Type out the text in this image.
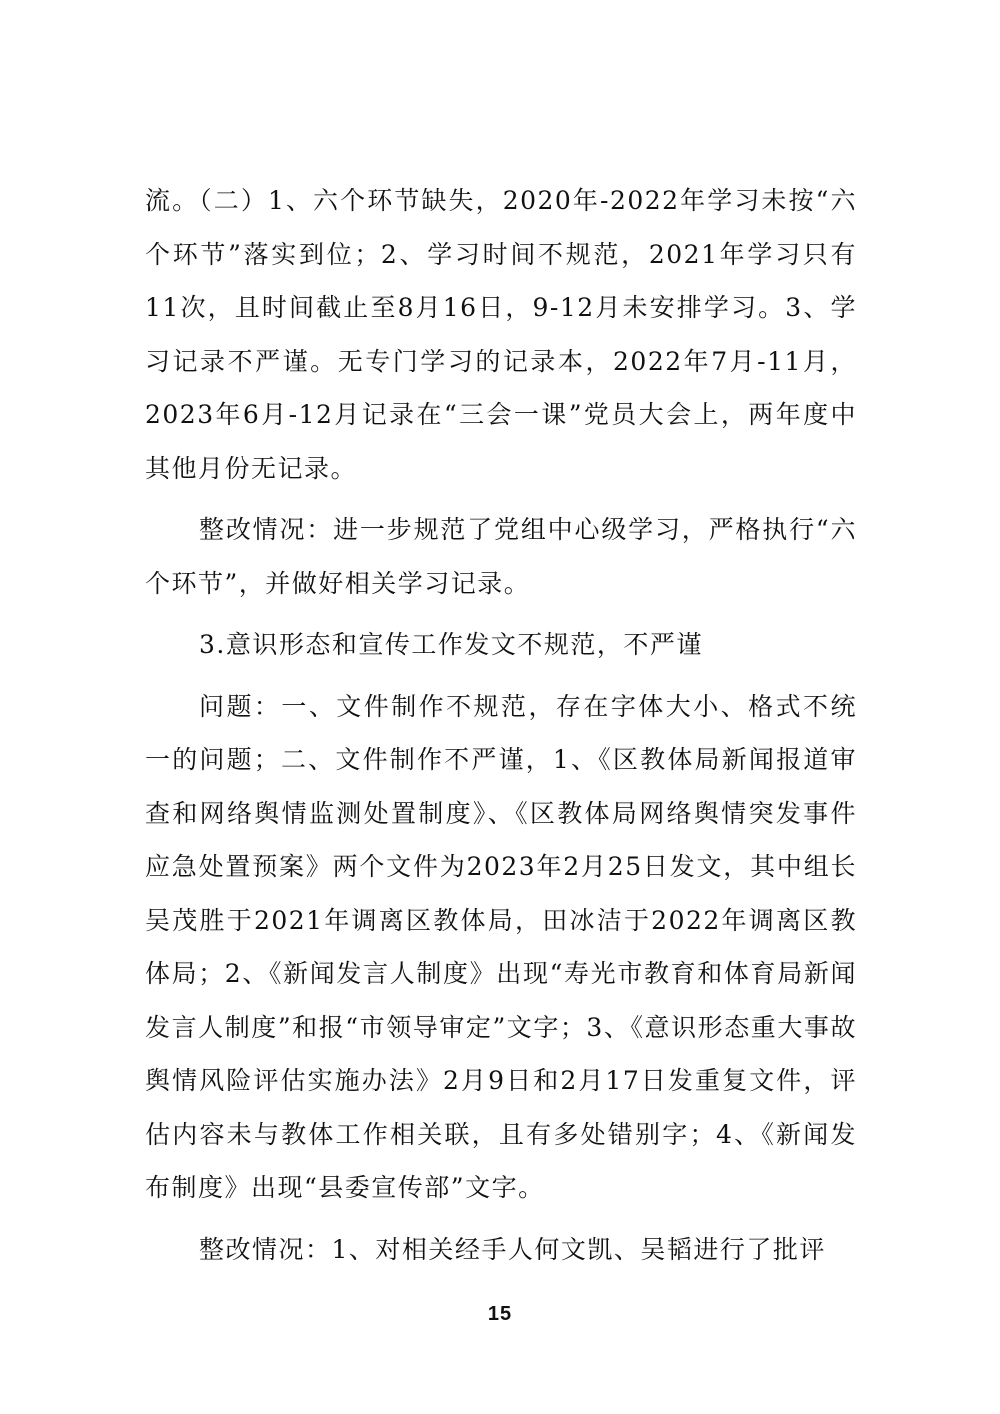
流。（二）1、六个环节缺失，2020年-2022年学习未按“六个环节”落实到位；2、学习时间不规范，2021年学习只有11次，且时间截止至8月16日，9-12月未安排学习。3、学习记录不严谨。无专门学习的记录本，2022年7月-11月，2023年6月-12月记录在“三会一课”党员大会上，两年度中其他月份无记录。

整改情况：进一步规范了党组中心级学习，严格执行“六个环节”，并做好相关学习记录。

3.意识形态和宣传工作发文不规范，不严谨

问题：一、文件制作不规范，存在字体大小、格式不统一的问题；二、文件制作不严谨，1、《区教体局新闻报道审查和网络舆情监测处置制度》、《区教体局网络舆情突发事件应急处置预案》两个文件为2023年2月25日发文，其中组长吴茂胜于2021年调离区教体局，田冰洁于2022年调离区教体局；2、《新闻发言人制度》出现“寿光市教育和体育局新闻发言人制度”和报“市领导审定”文字；3、《意识形态重大事故舆情风险评估实施办法》2月9日和2月17日发重复文件，评估内容未与教体工作相关联，且有多处错别字；4、《新闻发布制度》出现“县委宣传部”文字。

整改情况：1、对相关经手人何文凯、吴韬进行了批评

15
